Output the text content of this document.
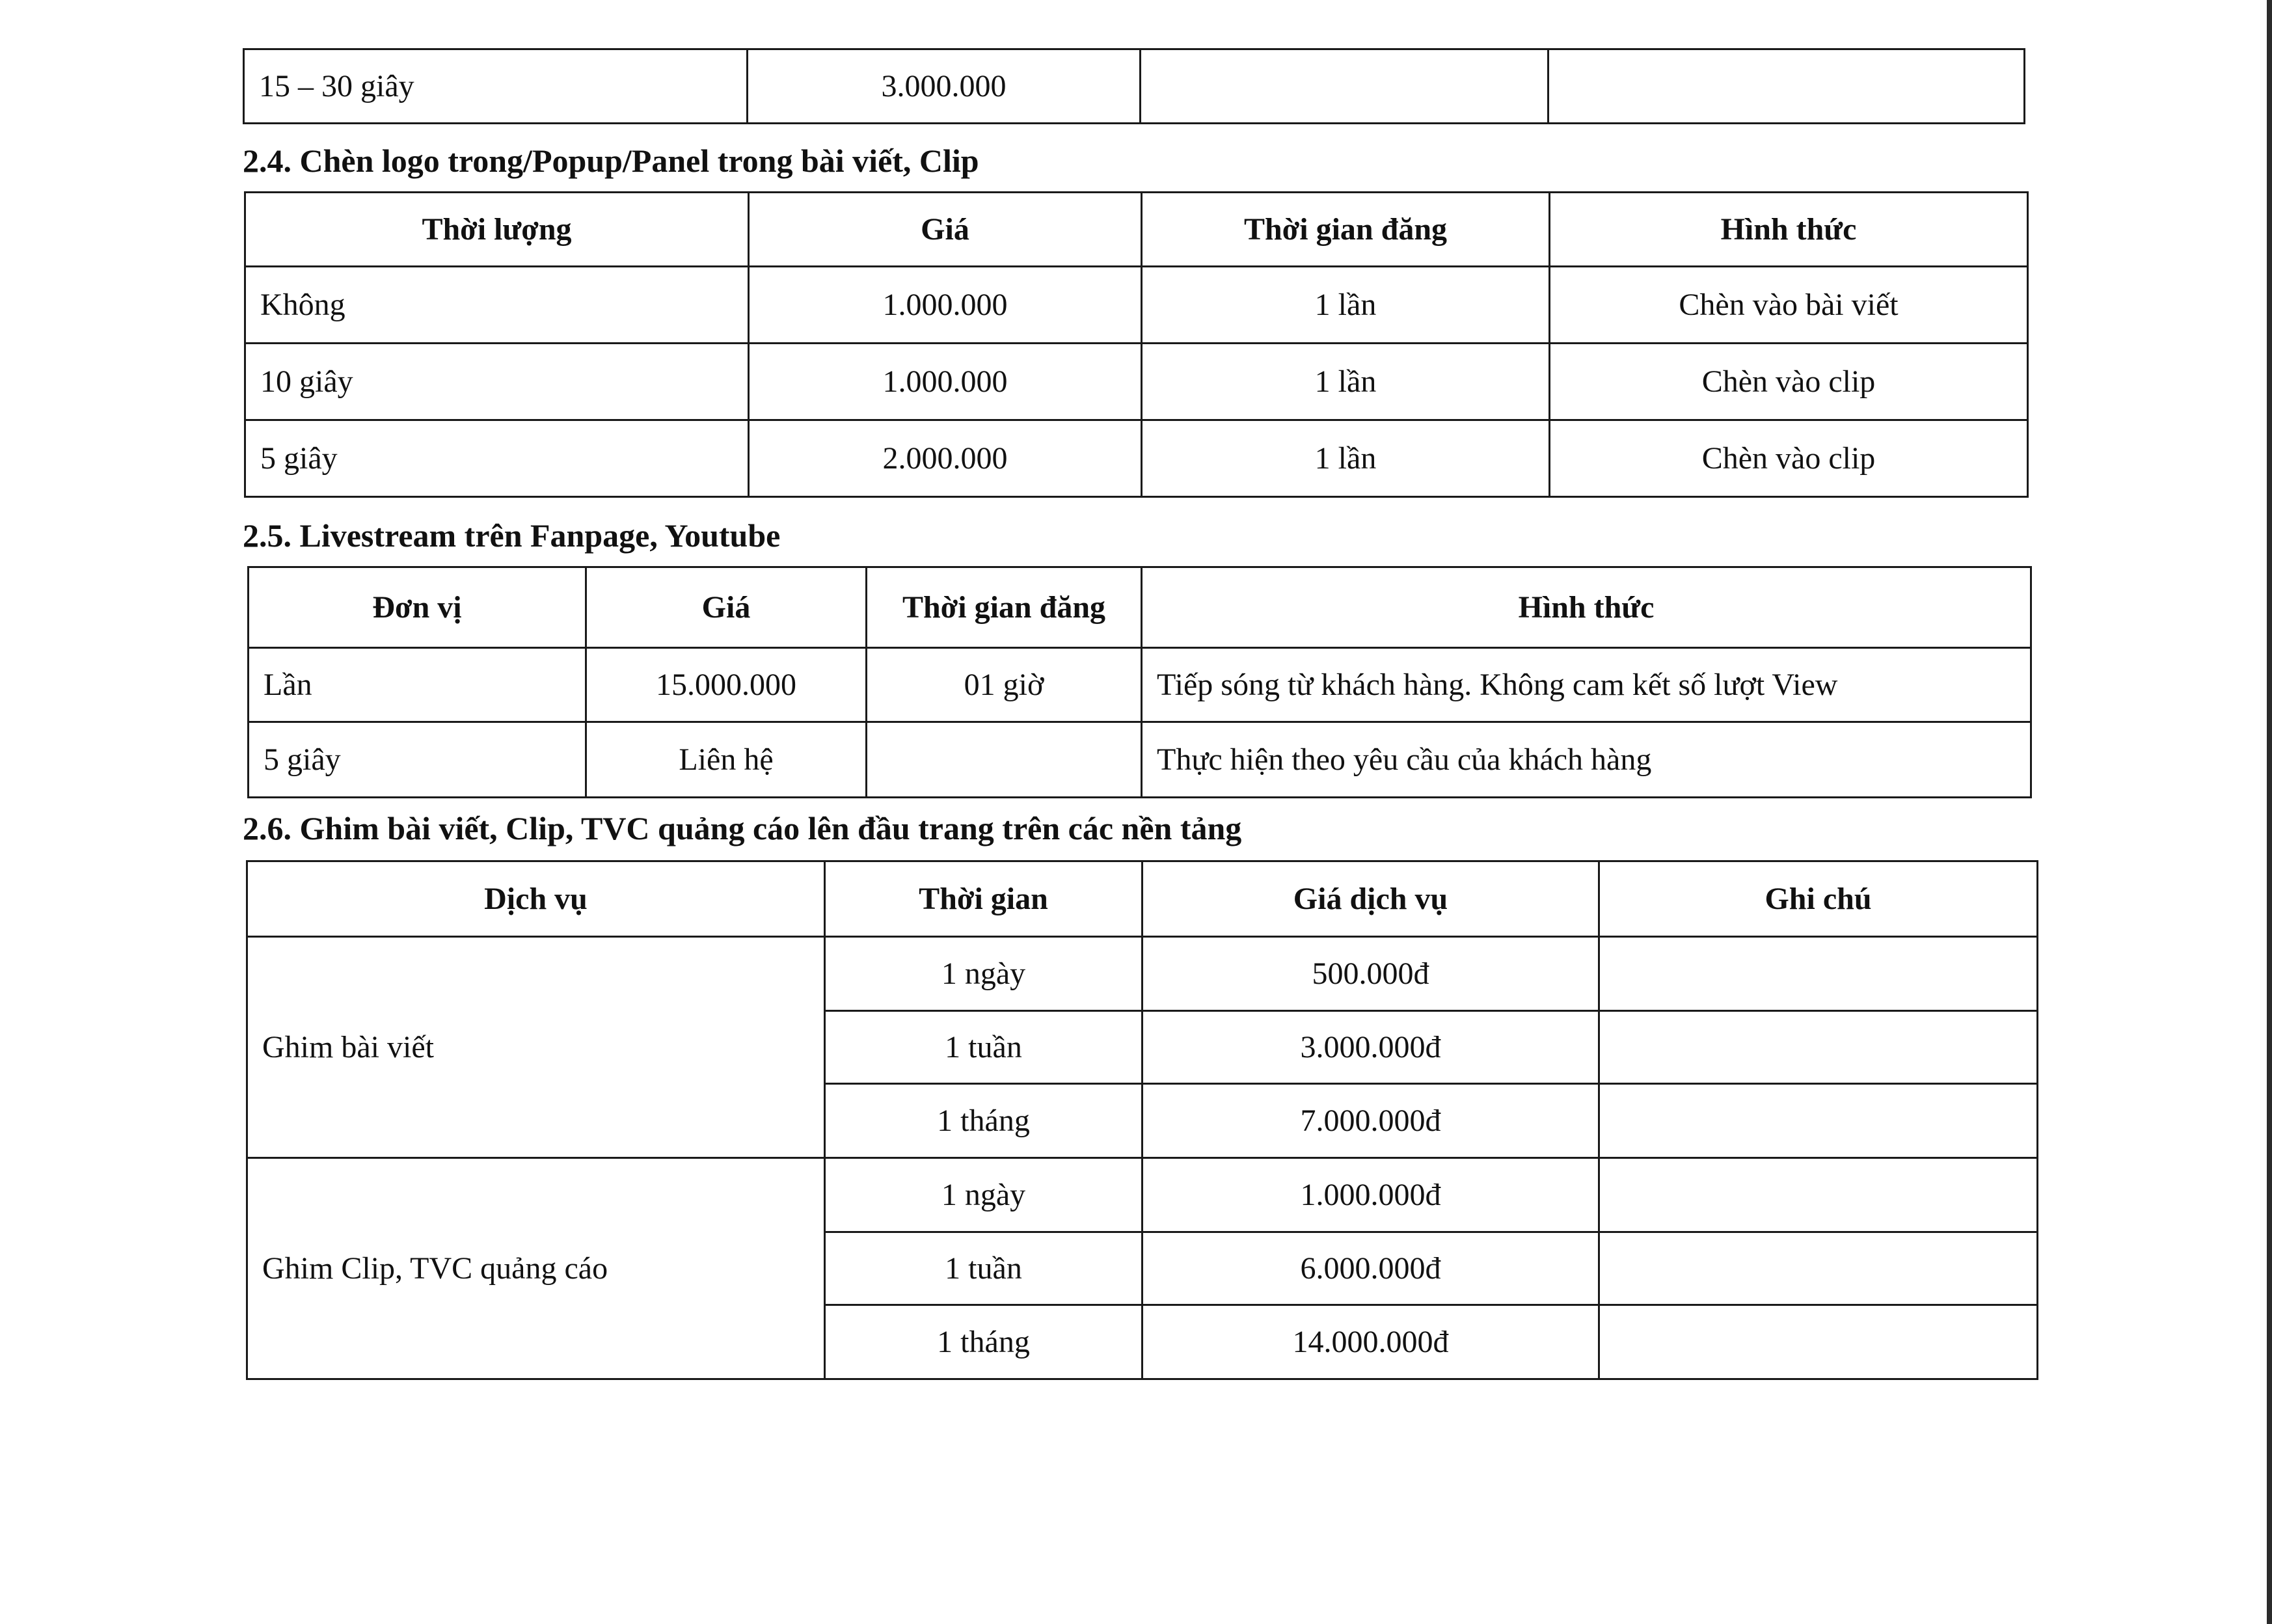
15 – 30 giây	3.000.000		
2.4. Chèn logo trong/Popup/Panel trong bài viết, Clip
Thời lượng	Giá	Thời gian đăng	Hình thức
Không	1.000.000	1 lần	Chèn vào bài viết
10 giây	1.000.000	1 lần	Chèn vào clip
5 giây	2.000.000	1 lần	Chèn vào clip
2.5. Livestream trên Fanpage, Youtube
Đơn vị	Giá	Thời gian đăng	Hình thức
Lần	15.000.000	01 giờ	Tiếp sóng từ khách hàng. Không cam kết số lượt View
5 giây	Liên hệ		Thực hiện theo yêu cầu của khách hàng
2.6. Ghim bài viết, Clip, TVC quảng cáo lên đầu trang trên các nền tảng
Dịch vụ	Thời gian	Giá dịch vụ	Ghi chú
Ghim bài viết	1 ngày	500.000đ	
	1 tuần	3.000.000đ	
	1 tháng	7.000.000đ	
Ghim Clip, TVC quảng cáo	1 ngày	1.000.000đ	
	1 tuần	6.000.000đ	
	1 tháng	14.000.000đ	
